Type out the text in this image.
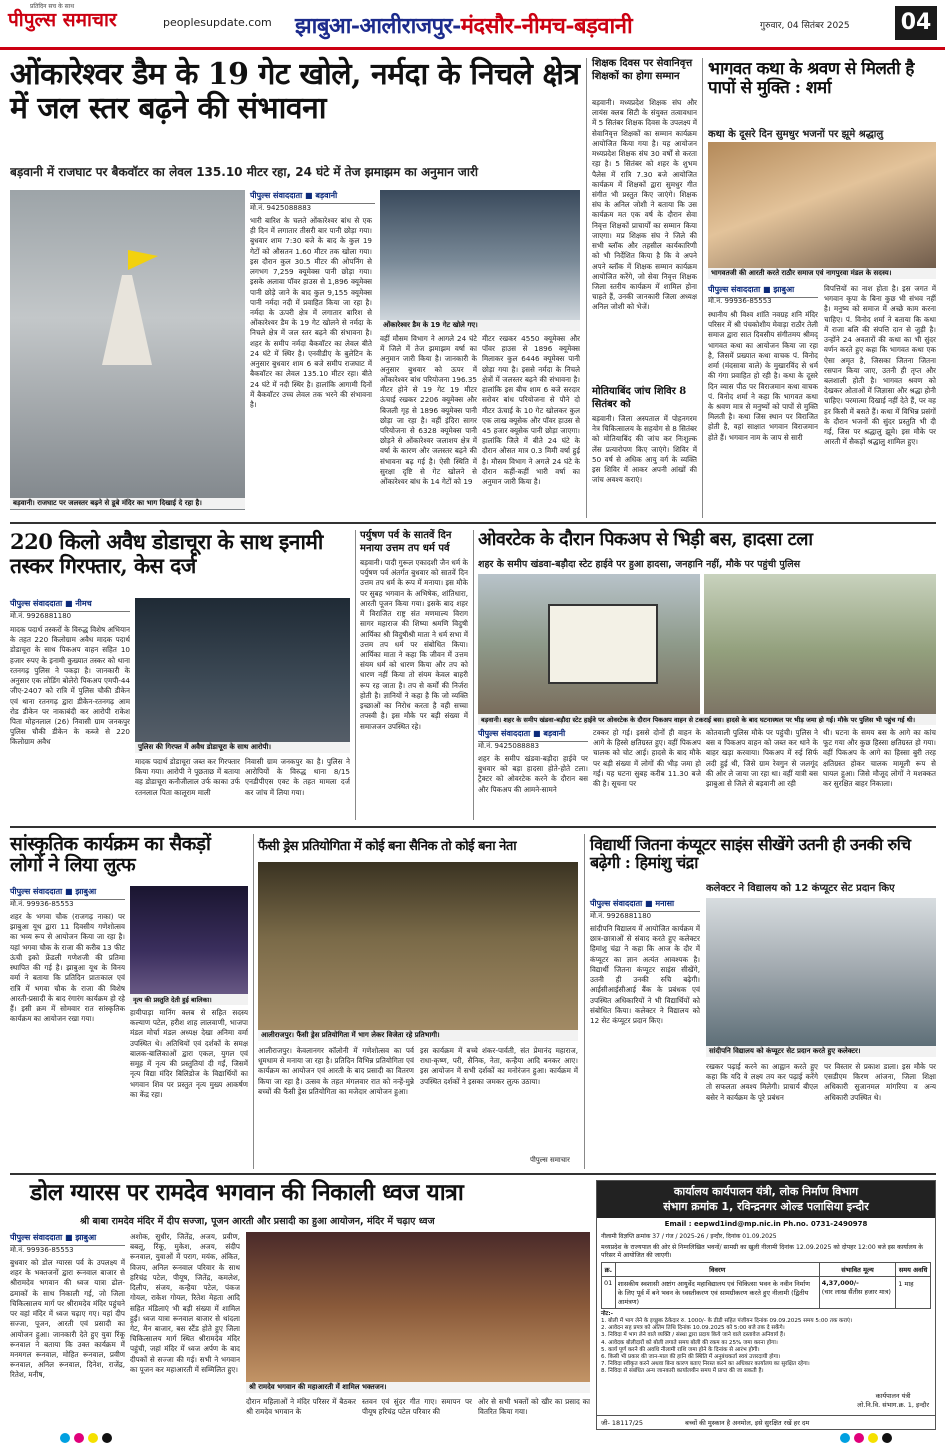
प्रतिदिन सच के साथ
पीपुल्स समाचार	peoplesupdate.com झाबुआ-आलीराजपुर-मंदसौर-नीमच-बड़वानी	गुरुवार, 04 सितंबर 2025 04
ओंकारेश्वर डैम के 19 गेट खोले, नर्मदा के निचले क्षेत्र में जल स्तर बढ़ने की संभावना
बड़वानी में राजघाट पर बैकवॉटर का लेवल 135.10 मीटर रहा, 24 घंटे में तेज झमाझम का अनुमान जारी
बड़वानी। राजघाट पर जलस्तर बढ़ने से डूबे मंदिर का भाग दिखाई दे रहा है।
पीपुल्स संवाददाता ■ बड़वानी
मो.नं. 9425088883
भारी बारिश के चलते ओंकारेश्वर बांध से एक ही दिन में लगातार तीसरी बार पानी छोड़ा गया। बुधवार शाम 7:30 बजे के बाद के कुल 19 गेटों को औसतन 1.60 मीटर तक खोला गया। इस दौरान कुल 30.5 मीटर की ओपनिंग से लगभग 7,259 क्यूमेक्स पानी छोड़ा गया। इसके अलावा पॉवर हाउस से 1,896 क्यूमेक्स पानी छोड़े जाने के बाद कुल 9,155 क्यूमेक्स पानी नर्मदा नदी में प्रवाहित किया जा रहा है। नर्मदा के ऊपरी क्षेत्र में लगातार बारिश से ओंकारेश्वर डैम के 19 गेट खोलने से नर्मदा के निचले क्षेत्र में जल स्तर बढ़ने की संभावना है। शहर के समीप नर्मदा बैकवॉटर का लेवल बीते 24 घंटे में स्थिर है। एनवीडीए के बुलेटिन के अनुसार बुधवार शाम 6 बजे समीप राजघाट में बैकवॉटर का लेवल 135.10 मीटर रहा। बीते 24 घंटे में नदी स्थिर है। हालांकि आगामी दिनों में बैकवॉटर उच्च लेवल तक भरने की संभावना है।
ओंकारेश्वर डैम के 19 गेट खोले गए।
वहीं मौसम विभाग ने आगले 24 घंटे में जिले में तेज झमाझम वर्षा का अनुमान जारी किया है। जानकारी के अनुसार बुधवार को ऊपर में ओंकारेश्वर बांध परियोजना 196.35 मीटर होने से 19 गेट 19 मीटर ऊंचाई रखकर 2206 क्यूमेक्स और बिजली गृह से 1896 क्यूमेक्स पानी छोड़ा जा रहा है। वहीं इंदिरा सागर परियोजना से 6328 क्यूमेक्स पानी छोड़ने से ओंकारेश्वर जलाशय क्षेत्र में वर्षा के कारण और जलस्तर बढ़ने की संभावना बढ़ गई है। ऐसी स्थिति में सुरक्षा दृष्टि से गेट खोलने से ओंकारेश्वर बांध के 14 गेटों को 19
मीटर रखकर 4550 क्यूमेक्स और पॉवर हाउस से 1896 क्यूमेक्स मिलाकर कुल 6446 क्यूमेक्स पानी छोड़ा गया है। इससे नर्मदा के निचले क्षेत्रों में जलस्तर बढ़ने की संभावना है। हालांकि इस बीच शाम 6 बजे सरदार सरोवर बांध परियोजना से पौने दो मीटर ऊंचाई के 10 गेट खोलकर कुल एक लाख क्यूसेक और पॉवर हाउस से 45 हजार क्यूसेक पानी छोड़ा जाएगा। हालांकि जिले में बीते 24 घंटे के दौरान औसत मात्र 0.3 मिमी वर्षा हुई है। मौसम विभाग ने अगले 24 घंटे के दौरान कहीं-कहीं भारी वर्षा का अनुमान जारी किया है।
शिक्षक दिवस पर सेवानिवृत्त शिक्षकों का होगा सम्मान
बड़वानी। मध्यप्रदेश शिक्षक संघ और लायंस क्लब सिटी के संयुक्त तत्वावधान में 5 सितंबर शिक्षक दिवस के उपलक्ष्य में सेवानिवृत्त शिक्षकों का सम्मान कार्यक्रम आयोजित किया गया है। यह आयोजन मध्यप्रदेश शिक्षक संघ 30 वर्षों से करता रहा है। 5 सितंबर को शहर के शुभम पैलेस में रात्रि 7.30 बजे आयोजित कार्यक्रम में शिक्षकों द्वारा सुमधुर गीत संगीत भी प्रस्तुत किए जाएंगे। शिक्षक संघ के अनिल जोशी ने बताया कि उस कार्यक्रम मत एक वर्ष के दौरान सेवा निवृत्त शिक्षकों प्राचार्यों का सम्मान किया जाएगा। मप्र शिक्षक संघ ने जिले की सभी ब्लॉक और तहसील कार्यकारिणी को भी निर्देशित किया है कि वे अपने अपने ब्लॉक में शिक्षक सम्मान कार्यक्रम आयोजित करेंगे, जो सेवा निवृत्त शिक्षक जिला स्तरीय कार्यक्रम में शामिल होना चाहते हैं, उनकी जानकारी जिला अध्यक्ष अनिल जोशी को भेजें।
मोतियाबिंद जांच शिविर 8 सितंबर को
बड़वानी। जिला अस्पताल में पोहनगरम नेत्र चिकित्सालय के सहयोग से 8 सितंबर को मोतियाबिंद की जांच कर निःशुल्क लेंस प्रत्यारोपण किए जाएंगे। शिविर में 50 वर्ष से अधिक आयु वर्ग के व्यक्ति इस शिविर में आकर अपनी आंखों की जांच अवश्य कराएं।
भागवत कथा के श्रवण से मिलती है पापों से मुक्ति : शर्मा
कथा के दूसरे दिन सुमधुर भजनों पर झूमे श्रद्धालु
भागवतजी की आरती करते राठौर समाज एवं नागपुरवा मंडल के सदस्य।
पीपुल्स संवाददाता ■ झाबुआ
मो.नं. 99936-85553
स्थानीय श्री विश्व शांति नवग्रह शनि मंदिर परिसर में श्री पंचकोशीय मेवाड़ा राठौर तेली समाज द्वारा सात दिवसीय संगीतमय श्रीमद् भागवत कथा का आयोजन किया जा रहा है, जिसमें प्रख्यात कथा वाचक पं. विनोद शर्मा (मंदसावा वाले) के मुखारविंद से धर्म की गंगा प्रवाहित हो रही है। कथा के दूसरे दिन व्यास पीठ पर विराजमान कथा वाचक पं. विनोद शर्मा ने कहा कि भागवत कथा के श्रवण मात्र से मनुष्यों को पापों से मुक्ति मिलती है। कथा जिस स्थान पर विराजित होती है, वहां साक्षात भगवान विराजमान होते हैं। भगवान नाम के जाप से सारी
विपत्तियों का नाश होता है। इस जगत में भगवान कृपा के बिना कुछ भी संभव नहीं है। मनुष्य को समाज में अच्छे काम करना चाहिए। पं. विनोद शर्मा ने बताया कि कथा में राजा बलि की संपत्ति दान से जुड़ी है। उन्होंने 24 अवतारों की कथा का भी सुंदर वर्णन करते हुए कहा कि भागवत कथा एक ऐसा अमृत है, जिसका जितना जितना रसपान किया जाए, उतनी ही तृप्त और बलशाली होती है। भागवत श्रवण को देखकर ओताओं में जिज्ञासा और श्रद्धा होनी चाहिए। परमात्मा दिखाई नहीं देते हैं, पर वह हर किसी में बसते हैं। कथा में विभिन्न प्रसंगों के दौरान भजनों की सुंदर प्रस्तुति भी दी गई, जिस पर श्रद्धालु झूमे। इस मौके पर आरती में सैकड़ों श्रद्धालु शामिल हुए।
220 किलो अवैध डोडाचूरा के साथ इनामी तस्कर गिरफ्तार, केस दर्ज
पीपुल्स संवाददाता ■ नीमच
मो.नं. 9926881180
मादक पदार्थ तस्करों के विरुद्ध विशेष अभियान के तहत 220 किलोग्राम अवैध मादक पदार्थ डोडाचूरा के साथ पिकअप वाहन सहित 10 हजार रुपए के इनामी कुख्यात तस्कर को थाना रतनगढ़ पुलिस ने पकड़ा है। जानकारी के अनुसार एक लोडिंग बोलेरो पिकअप एमपी-44 जीए-2407 को रात्रि में पुलिस चौकी डीकेन एवं थाना रतनगढ़ द्वारा डीकेन-रतनगढ़ आम रोड डीकेन पर नाकाबंदी कर आरोपी राकेश पिता मोहनलाल (26) निवासी ग्राम जनकपुर पुलिस चौकी डीकेन के कब्जे से 220 किलोग्राम अवैध
पुलिस की गिरफ्त में अवैध डोडाचूरा के साथ आरोपी।
मादक पदार्थ डोडाचूरा जब्त कर गिरफ्तार किया गया। आरोपी ने पूछताछ में बताया वह डोडाचूरा कनौजीलाल उर्फ काका उर्फ रतनलाल पिता कालूराम माली
निवासी ग्राम जनकपुर का है। पुलिस ने आरोपियों के विरुद्ध थाना 8/15 एनडीपीएस एक्ट के तहत मामला दर्ज कर जांच में लिया गया।
पर्युषण पर्व के सातवें दिन मनाया उत्तम तप धर्म पर्व
बड़वानी। पादी गुरूल एकादशी जैन धर्म के पर्युषण पर्व अंतर्गत बुधवार को सातवें दिन उत्तम तप धर्म के रूप में मनाया। इस मौके पर सुबह भगवान के अभिषेक, शांतिधारा, आरती पूजन किया गया। इसके बाद शहर में विराजित राष्ट्र संत मणमाल्य विराग सागर महाराज की शिष्या श्रमणि विदुषी आर्यिका श्री विदुषीश्री माता ने धर्म सभा में उत्तम तप धर्म पर संबोधित किया। आर्यिका माता ने कहा कि जीवन में उत्तम संयम धर्म को धारण किया और तप को धारण नहीं किया तो संयम केवल बाहरी रूप रह जाता है। तप से कर्मों की निर्जरा होती है। ज्ञानियों ने कहा है कि जो व्यक्ति इच्छाओं का निरोध करता है वही सच्चा तपस्वी है। इस मौके पर बड़ी संख्या में समाजजन उपस्थित रहे।
ओवरटेक के दौरान पिकअप से भिड़ी बस, हादसा टला
शहर के समीप खंडवा-बड़ौदा स्टेट हाईवे पर हुआ हादसा, जनहानि नहीं, मौके पर पहुंची पुलिस
बड़वानी। शहर के समीप खंडवा-बड़ौदा स्टेट हाईवे पर ओवरटेक के दौरान पिकअप वाहन से टकराई बस। हादसे के बाद घटनास्थल पर भीड़ जमा हो गई। मौके पर पुलिस भी पहुंच गई थी।
पीपुल्स संवाददाता ■ बड़वानी
मो.नं. 9425088883
शहर के समीप खंडवा-बड़ौदा हाईवे पर बुधवार को बड़ा हादसा होते-होते टला। ट्रैक्टर को ओवरटेक करने के दौरान बस और पिकअप की आमने-सामने
टक्कर हो गई। इससे दोनों ही वाहन के आगे के हिस्से क्षतिग्रस्त हुए। वहीं पिकअप चालक को चोट आई। हादसे के बाद मौके पर बड़ी संख्या में लोगों की भीड़ जमा हो गई। यह घटना सुबह करीब 11.30 बजे की है। सूचना पर
कोतवाली पुलिस मौके पर पहुंची। पुलिस ने बस व पिकअप वाहन को जब्त कर थाने के बाहर खड़ा करवाया। पिकअप में रुई सिर्फ लदी हुई थी, जिसे ग्राम रेवगुन से जलगूंद की ओर ले जाया जा रहा था। वहीं यात्री बस झाबुआ से जिले से बड़वानी आ रही
थी। घटना के समय बस के आगे का कांच फूट गया और कुछ हिस्सा क्षतिग्रस्त हो गया। वहीं पिकअप के आगे का हिस्सा बुरी तरह क्षतिग्रस्त होकर चालक मामूली रूप से घायल हुआ। जिसे मौजूद लोगों ने मशक्कत कर सुरक्षित बाहर निकाला।
सांस्कृतिक कार्यक्रम का सैकड़ों लोगों ने लिया लुत्फ
पीपुल्स संवाददाता ■ झाबुआ
मो.नं. 99936-85553
शहर के भगवा चौक (राजगढ़ नाका) पर झाबुआ यूथ द्वारा 11 दिवसीय गणेशोत्सव का भव्य रूप से आयोजन किया जा रहा है। यहां भगवा चौक के राजा की करीब 13 फीट ऊंची इको फ्रेंडली गणेशजी की प्रतिमा स्थापित की गई है। झाबुआ यूथ के विनय वर्मा ने बताया कि प्रतिदिन प्रातःकाल एवं रात्रि में भगवा चौक के राजा की विशेष आरती-प्रसादी के बाद रंगारंग कार्यक्रम हो रहे हैं। इसी क्रम में सोमवार रात सांस्कृतिक कार्यक्रम का आयोजन रखा गया।
नृत्य की प्रस्तुति देती हुई बालिका।
हायीपाड़ा मानिंग क्लब से सहित सदस्य कल्याण पटेल, हरीश शाह लालवाणी, भाजपा मंडल मोर्चा मंडल अध्यक्ष देखा अनिमा वर्मा उपस्थित थे। अतिथियों एवं दर्शकों के समक्ष बालक-बालिकाओं द्वारा एकल, युगल एवं समूह में नृत्य की प्रस्तुतियां दी गईं, जिसमें नृत्य विद्या मंदिर बिलिडोज के विद्यार्थियों का भगवान शिव पर प्रस्तुत नृत्य मुख्य आकर्षण का केंद्र रहा।
फैंसी ड्रेस प्रतियोगिता में कोई बना सैनिक तो कोई बना नेता
आलीराजपुर। फैंसी ड्रेस प्रतियोगिता में भाग लेकर विजेता रहे प्रतिभागी।
आलीराजपुर। केवलानगर कॉलोनी में गणेशोत्सव का पर्व धूमधाम से मनाया जा रहा है। प्रतिदिन विभिन्न प्रतियोगिता एवं कार्यक्रम का आयोजन एवं आरती के बाद प्रसादी का वितरण किया जा रहा है। उत्सव के तहत मंगलवार रात को नन्हें-मुन्ने बच्चों की फैंसी ड्रेस प्रतियोगिता का मजेदार आयोजन हुआ।
इस कार्यक्रम में बच्चे शंकर-पार्वती, संत प्रेमानंद महाराज, राधा-कृष्ण, परी, सैनिक, नेता, कन्हैया आदि बनकर आए। इस आयोजन में सभी दर्शकों का मनोरंजन हुआ। कार्यक्रम में उपस्थित दर्शकों ने इसका जमकर लुत्फ उठाया।
पीपुल्स समाचार
विद्यार्थी जितना कंप्यूटर साइंस सीखेंगे उतनी ही उनकी रुचि बढ़ेगी : हिमांशु चंद्रा
कलेक्टर ने विद्यालय को 12 कंप्यूटर सेट प्रदान किए
पीपुल्स संवाददाता ■ मनासा
मो.नं. 9926881180
सांदीपनि विद्यालय में आयोजित कार्यक्रम में छात्र-छात्राओं से संवाद करते हुए कलेक्टर हिमांशु चंद्रा ने कहा कि आज के दौर में कंप्यूटर का ज्ञान अत्यंत आवश्यक है। विद्यार्थी जितना कंप्यूटर साइंस सीखेंगे, उतनी ही उनकी रुचि बढ़ेगी। आईसीआईसीआई बैंक के प्रबंधक एवं उपस्थित अधिकारियों ने भी विद्यार्थियों को संबोधित किया। कलेक्टर ने विद्यालय को 12 सेट कंप्यूटर प्रदान किए।
सांदीपनि विद्यालय को कंप्यूटर सेट प्रदान करते हुए कलेक्टर।
रखकर पढ़ाई करने का आह्वान करते हुए कहा कि यदि वे लक्ष्य तय कर पढ़ाई करेंगे तो सफलता अवश्य मिलेगी। प्राचार्य बीएल बसेर ने कार्यक्रम के पूरे प्रबंधन
पर विस्तार से प्रकाश डाला। इस मौके पर एसडीएम किरण आंजना, जिला शिक्षा अधिकारी सुजानमल मांगरिया व अन्य अधिकारी उपस्थित थे।
डोल ग्यारस पर रामदेव भगवान की निकाली ध्वज यात्रा
श्री बाबा रामदेव मंदिर में दीप सज्जा, पूजन आरती और प्रसादी का हुआ आयोजन, मंदिर में चढ़ाए ध्वज
पीपुल्स संवाददाता ■ झाबुआ
मो.नं. 99936-85553
बुधवार को डोल ग्यारस पर्व के उपलक्ष्य में शहर के भक्तजनों द्वारा रूनवाल बाजार से श्रीरामदेव भगवान की ध्वज यात्रा ढोल-ढमाकों के साथ निकाली गई, जो जिला चिकित्सालय मार्ग पर श्रीरामदेव मंदिर पहुंचने पर वहां मंदिर में ध्वज चढ़ाए गए। यहां दीप सज्जा, पूजन, आरती एवं प्रसादी का आयोजन हुआ। जानकारी देते हुए युवा रिंकू रूनवाल ने बताया कि उक्त कार्यक्रम में मनमगल रूनवाल, मोहित रूनवाल, प्रवीण रूनवाल, अनिल रूनवाल, दिनेश, राजेंद्र, रितेश, मनीष,
अशोक, सुधीर, जितेंद्र, अजय, प्रवीण, बबलू, रिंकू, मुकेश, अजय, संदीप रूनवाल, युवाओं में पराग, मयंक, अंकित, विजय, अनिल रूनवाल परिवार के साथ हरिचंद्र पटेल, पीयूष, जितेंद्र, कमलेश, दिलीप, संजय, कन्हैया पटेल, पंकज गोयल, राकेश गोयल, रितेश मेहता आदि सहित मंडिलाएं भी बड़ी संख्या में शामिल हुईं। ध्वज यात्रा रूनवाल बाजार से थांदला गेट, मैन बाजार, बस स्टैंड होते हुए जिला चिकित्सालय मार्ग स्थित श्रीरामदेव मंदिर पहुंची, जहां मंदिर में ध्वज अर्पण के बाद दीपकों से सज्जा की गई। सभी ने भगवान का पूजन कर महाआरती में सम्मिलित हुए।
श्री रामदेव भगवान की महाआरती में शामिल भक्तजन।
दौरान महिलाओं ने मंदिर परिसर में बैठकर श्री रामदेव भगवान के
स्तवन एवं सुंदर गीत गाए। समापन पर पीयूष हरिचंद्र पटेल परिवार की
ओर से सभी भक्तों को खीर का प्रसाद का वितरित किया गया।
कार्यालय कार्यपालन यंत्री, लोक निर्माण विभाग
संभाग क्रमांक 1, रविन्द्रनगर ओल्ड पलासिया इन्दौर
Email : eepwd1ind@mp.nic.in Ph.no. 0731-2490978
नीलामी विज्ञप्ति क्रमांक 37 / गंज / 2025-26 / इन्दौर, दिनांक 01.09.2025
मध्यप्रदेश के राज्यपाल की ओर से निम्नलिखित भवनों/ सामग्री का खुली नीलामी दिनांक 12.09.2025 को दोपहर 12:00 बजे इस कार्यालय के परिसर में आयोजित की जाएगी।
क्र.	विवरण	संभावित मूल्य	समय अवधि
01	शासकीय स्वशासी अष्टांग आयुर्वेद महाविद्यालय एवं चिकित्सा भवन के नवीन निर्माण के लिए पूर्व में बने भवन के ध्वस्तीकरण एवं सामग्रीकरण करते हुए नीलामी (द्वितीय आमंत्रण)	4,37,000/-
(चार लाख सैंतीस हजार मात्र)	1 माह
नोट:-
1. बोली में भाग लेने के इच्छुक ठेकेदार रु. 1000/- के डीडी सहित पंजीयन दिनांक 09.09.2025 समय 5:00 तक कराएं।
2. आवेदन सह प्रपत्र को अंतिम तिथि दिनांक 10.09.2025 को 5:00 बजे तक दे सकेंगे।
3. निविदा में भाग लेने वाले व्यक्ति / संस्था द्वारा प्रदाय किये जाने वाले दस्तावेज अनिवार्य हैं।
4. आवेदक बोलीदारों को बोली लगाते समय बोली की रकम का 25% जमा करना होगा।
5. कार्य पूर्ण करने की अवधि नीलामी राशि जमा होने के दिनांक से आरंभ होगी।
6. किसी भी प्रकार की जान-माल की हानि की स्थिति में अनुबंधकर्ता स्वयं उत्तरदायी होगा।
7. निविदा स्वीकृत करने अथवा बिना कारण बताए निरस्त करने का अधिकार कार्यालय का सुरक्षित रहेगा।
8. निविदा से संबंधित अन्य जानकारी कार्यालयीन समय में प्राप्त की जा सकती है।
कार्यपालन यंत्री
लो.नि.वि. संभाग.क्र. 1, इन्दौर
जी- 18117/25	बच्चों की मुस्कान है अनमोल, इसे सुरक्षित रखें हर दम
